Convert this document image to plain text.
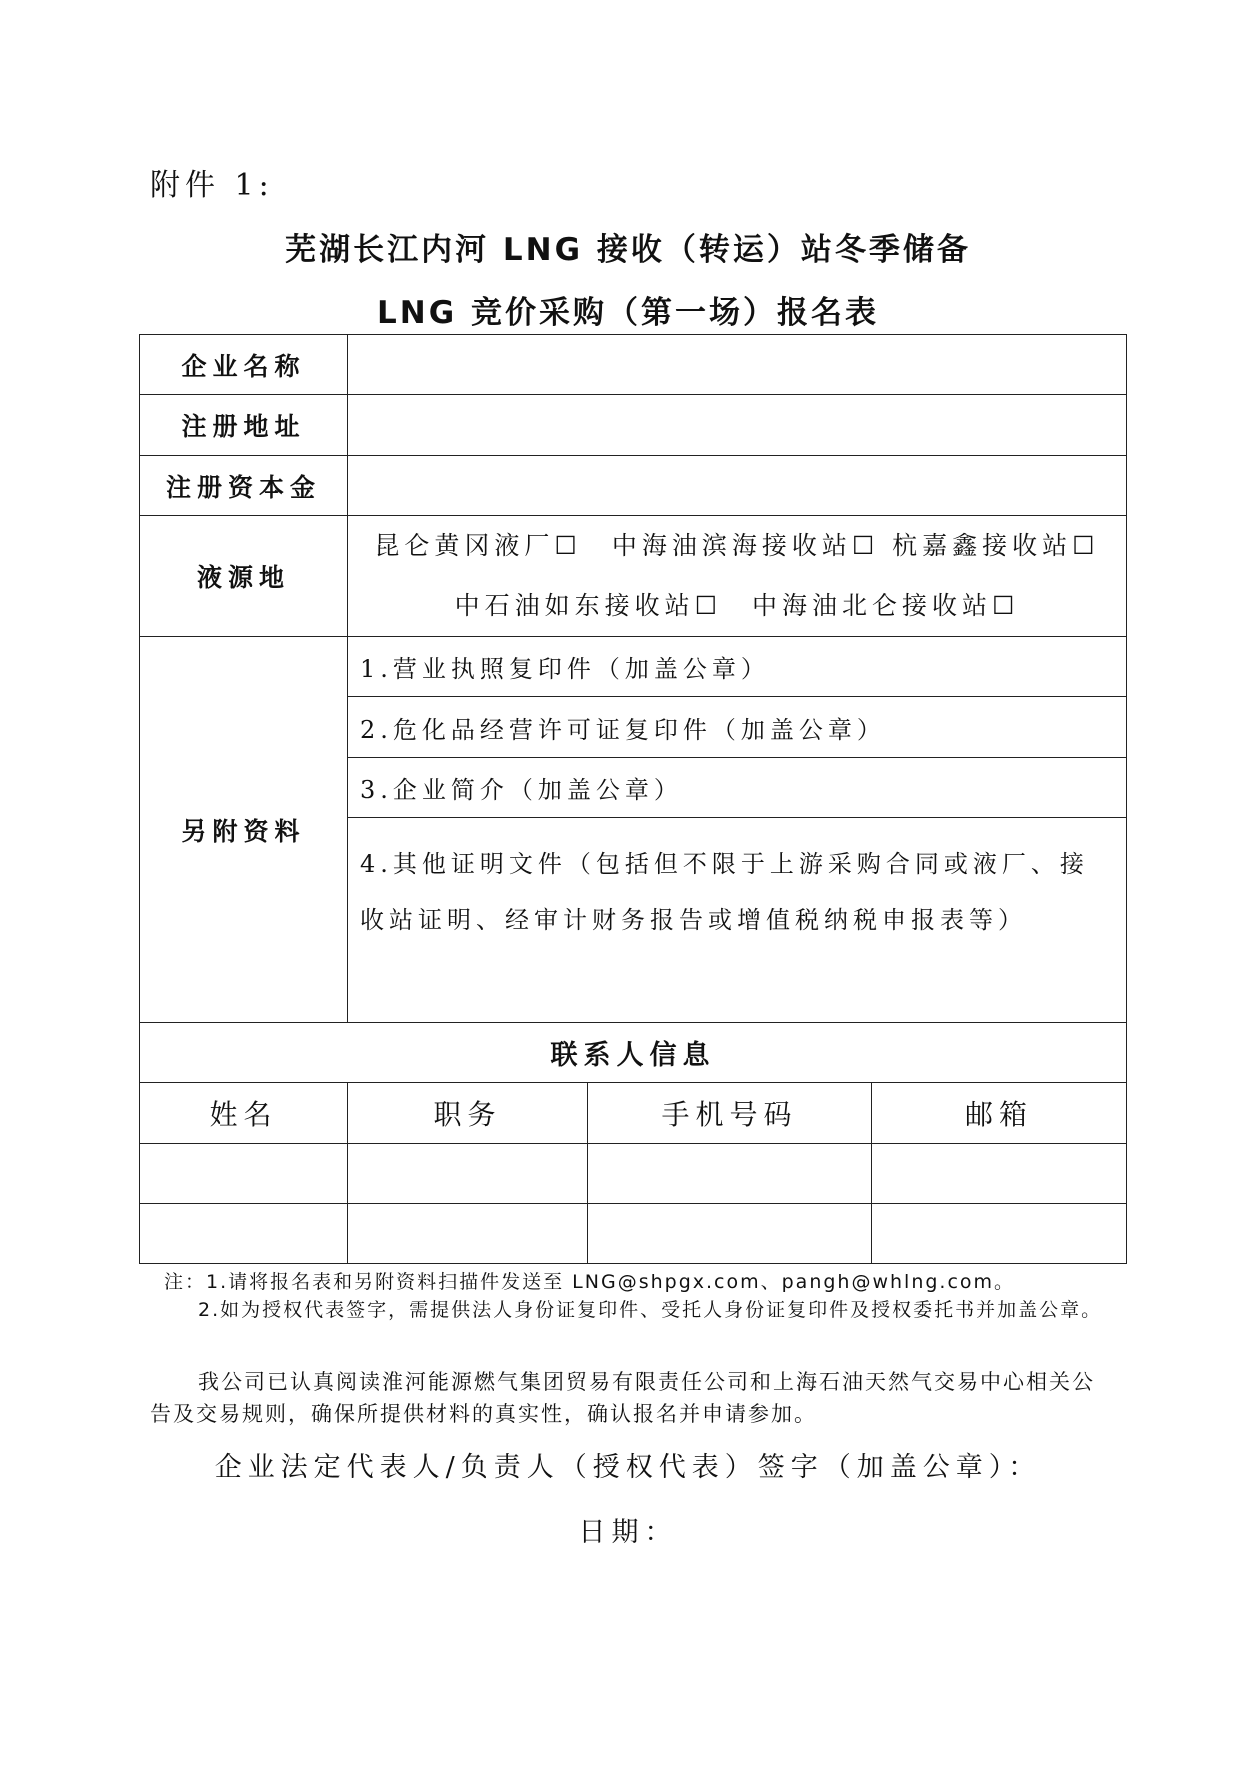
附件 1:
芜湖长江内河 LNG 接收（转运）站冬季储备
LNG 竞价采购（第一场）报名表
企业名称			
注册地址			
注册资本金			
液源地	昆仑黄冈液厂☐　中海油滨海接收站☐ 杭嘉鑫接收站☐
中石油如东接收站☐　中海油北仑接收站☐		

另附资料	1.营业执照复印件（加盖公章）		
	2.危化品经营许可证复印件（加盖公章）		
	3.企业简介（加盖公章）		
	4.其他证明文件（包括但不限于上游采购合同或液厂、接收站证明、经审计财务报告或增值税纳税申报表等）		
联系人信息			
姓名	职务	手机号码	邮箱

注：1.请将报名表和另附资料扫描件发送至 LNG@shpgx.com、pangh@whlng.com。
2.如为授权代表签字，需提供法人身份证复印件、受托人身份证复印件及授权委托书并加盖公章。
我公司已认真阅读淮河能源燃气集团贸易有限责任公司和上海石油天然气交易中心相关公告及交易规则，确保所提供材料的真实性，确认报名并申请参加。
企业法定代表人/负责人（授权代表）签字（加盖公章）：
日期：
